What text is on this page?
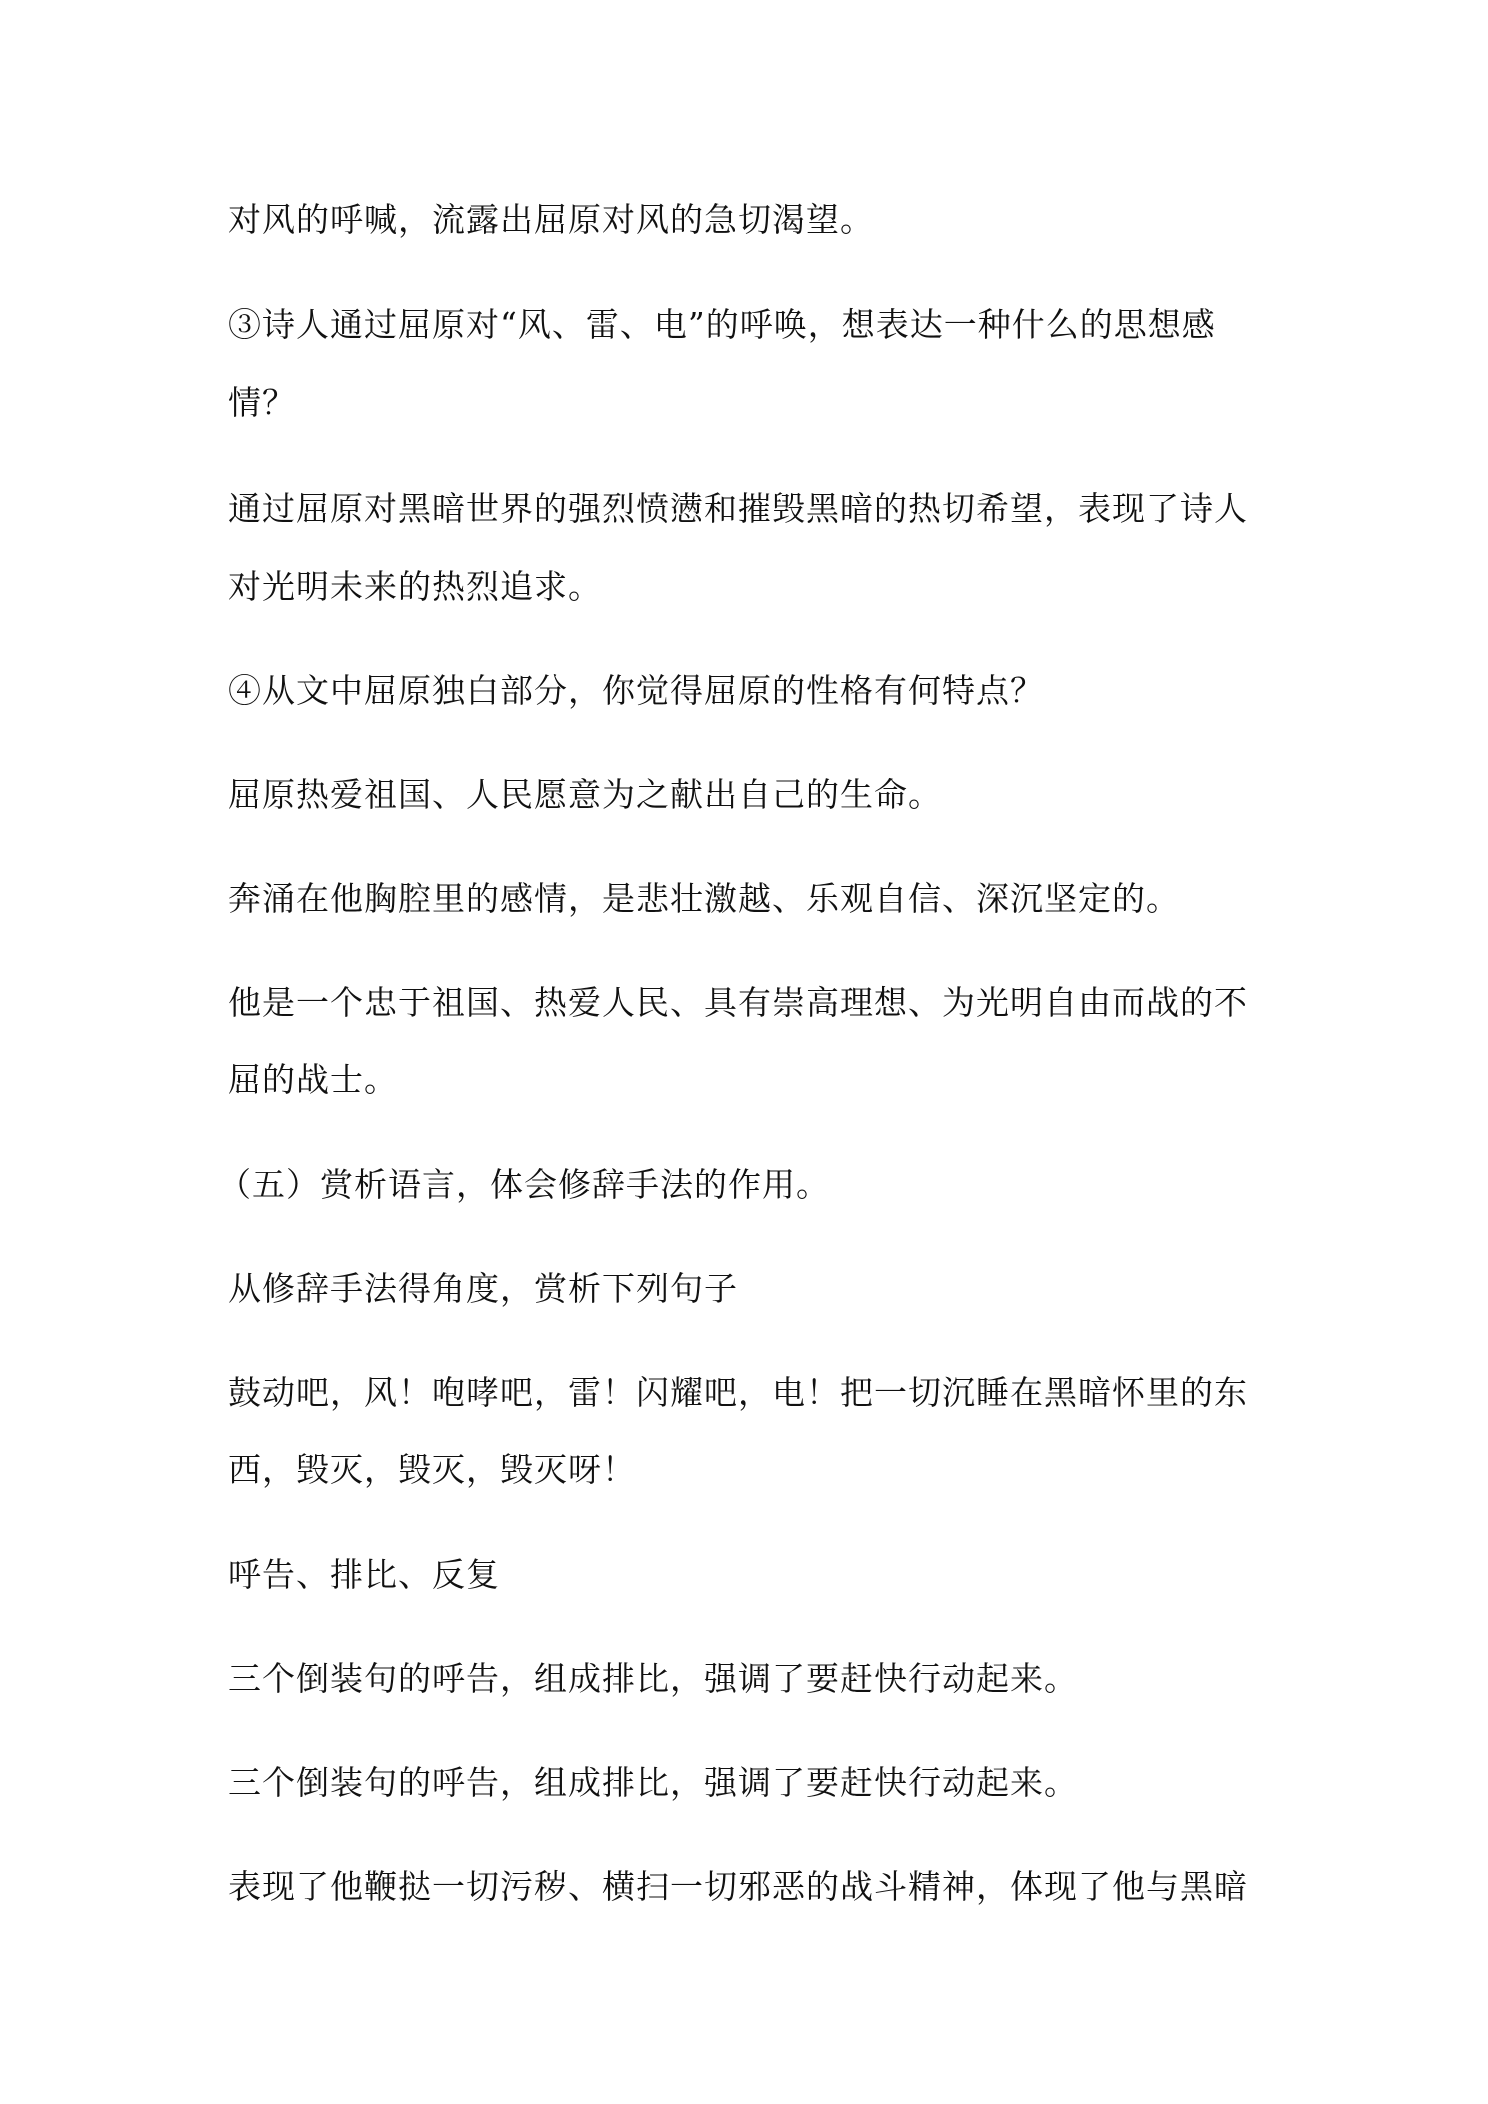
对风的呼喊，流露出屈原对风的急切渴望。

③诗人通过屈原对“风、雷、电”的呼唤，想表达一种什么的思想感

情？

通过屈原对黑暗世界的强烈愤懑和摧毁黑暗的热切希望，表现了诗人

对光明未来的热烈追求。

④从文中屈原独白部分，你觉得屈原的性格有何特点？

屈原热爱祖国、人民愿意为之献出自己的生命。

奔涌在他胸腔里的感情，是悲壮激越、乐观自信、深沉坚定的。

他是一个忠于祖国、热爱人民、具有崇高理想、为光明自由而战的不

屈的战士。

（五）赏析语言，体会修辞手法的作用。

从修辞手法得角度，赏析下列句子

鼓动吧，风！咆哮吧，雷！闪耀吧，电！把一切沉睡在黑暗怀里的东

西，毁灭，毁灭，毁灭呀！

呼告、排比、反复

三个倒装句的呼告，组成排比，强调了要赶快行动起来。

三个倒装句的呼告，组成排比，强调了要赶快行动起来。

表现了他鞭挞一切污秽、横扫一切邪恶的战斗精神，体现了他与黑暗
